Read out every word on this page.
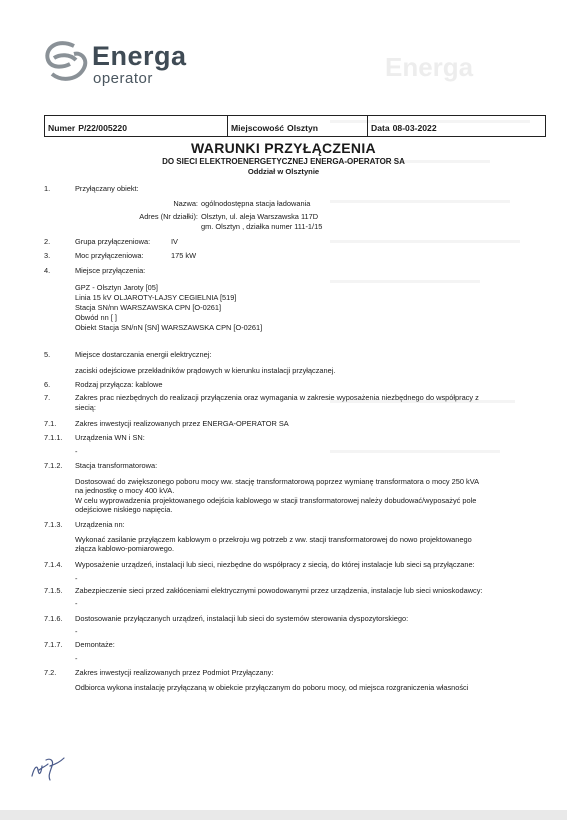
Energa
Energa
operator
Numer P/22/005220	Miejscowość Olsztyn	Data 08-03-2022
WARUNKI PRZYŁĄCZENIA
DO SIECI ELEKTROENERGETYCZNEJ ENERGA-OPERATOR SA
Oddział w Olsztynie
1.	Przyłączany obiekt:
Nazwa: ogólnodostępna stacja ładowania
Adres (Nr działki): Olsztyn, ul. aleja Warszawska 117D
gm. Olsztyn , działka numer 111-1/15
2.	Grupa przyłączeniowa:	IV
3.	Moc przyłączeniowa:	175 kW
4.	Miejsce przyłączenia:
GPZ - Olsztyn Jaroty [05]
Linia 15 kV OLJAROTY-LAJSY CEGIELNIA [519]
Stacja SN/nn WARSZAWSKA CPN [O-0261]
Obwód nn [ ]
Obiekt Stacja SN/nN [SN] WARSZAWSKA CPN [O-0261]
5.	Miejsce dostarczania energii elektrycznej:
zaciski odejściowe przekładników prądowych w kierunku instalacji przyłączanej.
6.	Rodzaj przyłącza: kablowe
7.	Zakres prac niezbędnych do realizacji przyłączenia oraz wymagania w zakresie wyposażenia niezbędnego do współpracy z
siecią:
7.1.	Zakres inwestycji realizowanych przez ENERGA-OPERATOR SA
7.1.1. Urządzenia WN i SN:
-
7.1.2. Stacja transformatorowa:
Dostosować do zwiększonego poboru mocy ww. stację transformatorową poprzez wymianę transformatora o mocy 250 kVA
na jednostkę o mocy 400 kVA.
W celu wyprowadzenia projektowanego odejścia kablowego w stacji transformatorowej należy dobudować/wyposażyć pole
odejściowe niskiego napięcia.
7.1.3. Urządzenia nn:
Wykonać zasilanie przyłączem kablowym o przekroju wg potrzeb z ww. stacji transformatorowej do nowo projektowanego
złącza kablowo-pomiarowego.
7.1.4. Wyposażenie urządzeń, instalacji lub sieci, niezbędne do współpracy z siecią, do której instalacje lub sieci są przyłączane:
-
7.1.5. Zabezpieczenie sieci przed zakłóceniami elektrycznymi powodowanymi przez urządzenia, instalacje lub sieci wnioskodawcy:
-
7.1.6. Dostosowanie przyłączanych urządzeń, instalacji lub sieci do systemów sterowania dyspozytorskiego:
-
7.1.7. Demontaże:
-
7.2.	Zakres inwestycji realizowanych przez Podmiot Przyłączany:
Odbiorca wykona instalację przyłączaną w obiekcie przyłączanym do poboru mocy, od miejsca rozgraniczenia własności
